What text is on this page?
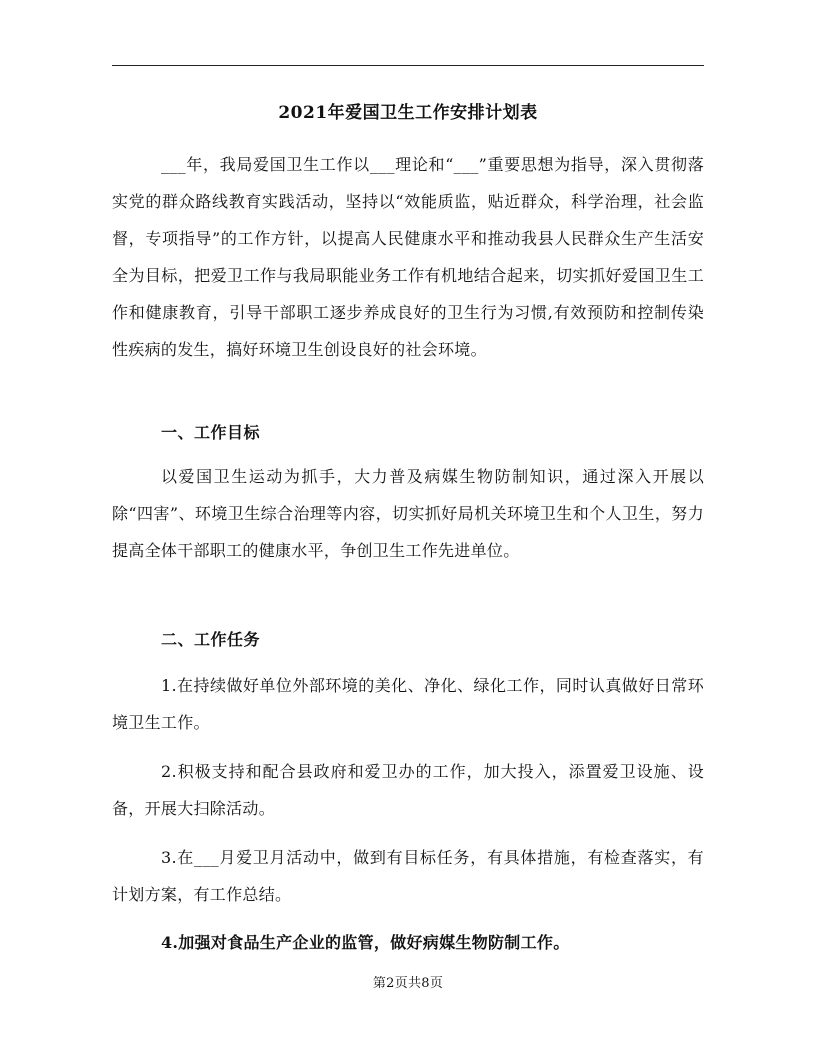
2021年爱国卫生工作安排计划表

___年，我局爱国卫生工作以___理论和“___”重要思想为指导，深入贯彻落实党的群众路线教育实践活动，坚持以“效能质监，贴近群众，科学治理，社会监督，专项指导”的工作方针，以提高人民健康水平和推动我县人民群众生产生活安全为目标，把爱卫工作与我局职能业务工作有机地结合起来，切实抓好爱国卫生工作和健康教育，引导干部职工逐步养成良好的卫生行为习惯,有效预防和控制传染性疾病的发生，搞好环境卫生创设良好的社会环境。

一、工作目标

以爱国卫生运动为抓手，大力普及病媒生物防制知识，通过深入开展以除“四害”、环境卫生综合治理等内容，切实抓好局机关环境卫生和个人卫生，努力提高全体干部职工的健康水平，争创卫生工作先进单位。

二、工作任务

1.在持续做好单位外部环境的美化、净化、绿化工作，同时认真做好日常环境卫生工作。

2.积极支持和配合县政府和爱卫办的工作，加大投入，添置爱卫设施、设备，开展大扫除活动。

3.在___月爱卫月活动中，做到有目标任务，有具体措施，有检查落实，有计划方案，有工作总结。

4.加强对食品生产企业的监管，做好病媒生物防制工作。

第2页共8页
